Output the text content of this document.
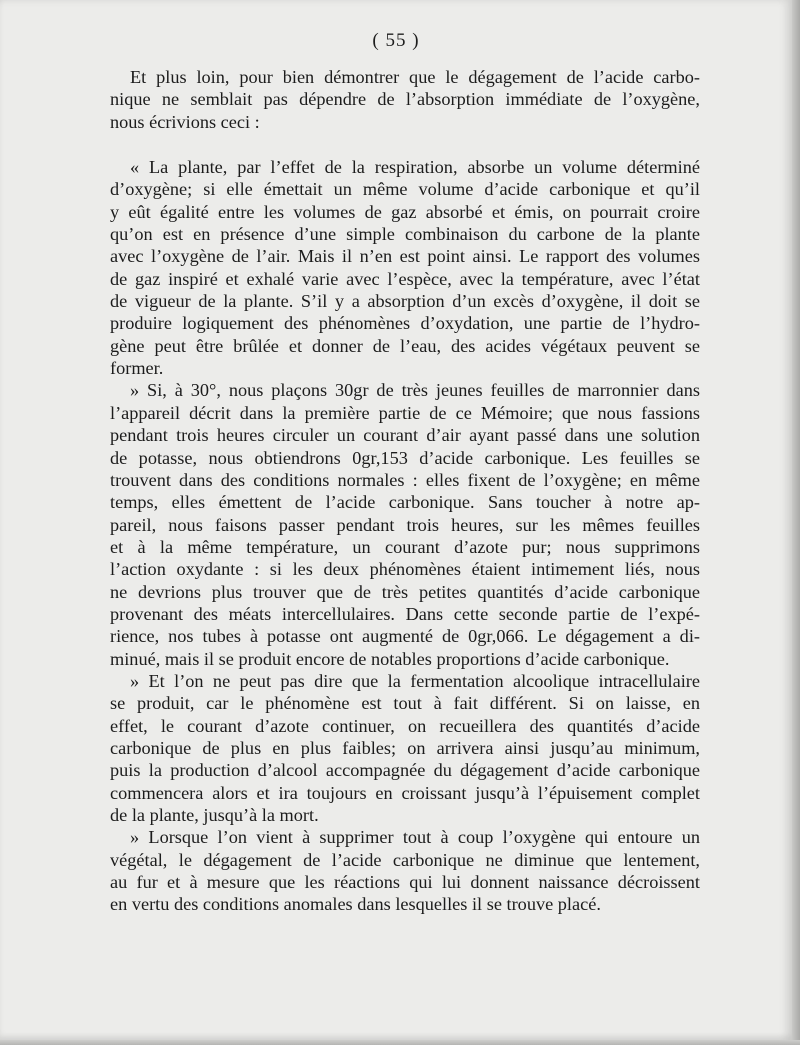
( 55 )
Et plus loin, pour bien démontrer que le dégagement de l’acide carbo-
nique ne semblait pas dépendre de l’absorption immédiate de l’oxygène,
nous écrivions ceci :
« La plante, par l’effet de la respiration, absorbe un volume déterminé
d’oxygène; si elle émettait un même volume d’acide carbonique et qu’il
y eût égalité entre les volumes de gaz absorbé et émis, on pourrait croire
qu’on est en présence d’une simple combinaison du carbone de la plante
avec l’oxygène de l’air. Mais il n’en est point ainsi. Le rapport des volumes
de gaz inspiré et exhalé varie avec l’espèce, avec la température, avec l’état
de vigueur de la plante. S’il y a absorption d’un excès d’oxygène, il doit se
produire logiquement des phénomènes d’oxydation, une partie de l’hydro-
gène peut être brûlée et donner de l’eau, des acides végétaux peuvent se
former.
» Si, à 30°, nous plaçons 30gr de très jeunes feuilles de marronnier dans
l’appareil décrit dans la première partie de ce Mémoire; que nous fassions
pendant trois heures circuler un courant d’air ayant passé dans une solution
de potasse, nous obtiendrons 0gr,153 d’acide carbonique. Les feuilles se
trouvent dans des conditions normales : elles fixent de l’oxygène; en même
temps, elles émettent de l’acide carbonique. Sans toucher à notre ap-
pareil, nous faisons passer pendant trois heures, sur les mêmes feuilles
et à la même température, un courant d’azote pur; nous supprimons
l’action oxydante : si les deux phénomènes étaient intimement liés, nous
ne devrions plus trouver que de très petites quantités d’acide carbonique
provenant des méats intercellulaires. Dans cette seconde partie de l’expé-
rience, nos tubes à potasse ont augmenté de 0gr,066. Le dégagement a di-
minué, mais il se produit encore de notables proportions d’acide carbonique.
» Et l’on ne peut pas dire que la fermentation alcoolique intracellulaire
se produit, car le phénomène est tout à fait différent. Si on laisse, en
effet, le courant d’azote continuer, on recueillera des quantités d’acide
carbonique de plus en plus faibles; on arrivera ainsi jusqu’au minimum,
puis la production d’alcool accompagnée du dégagement d’acide carbonique
commencera alors et ira toujours en croissant jusqu’à l’épuisement complet
de la plante, jusqu’à la mort.
» Lorsque l’on vient à supprimer tout à coup l’oxygène qui entoure un
végétal, le dégagement de l’acide carbonique ne diminue que lentement,
au fur et à mesure que les réactions qui lui donnent naissance décroissent
en vertu des conditions anomales dans lesquelles il se trouve placé.
